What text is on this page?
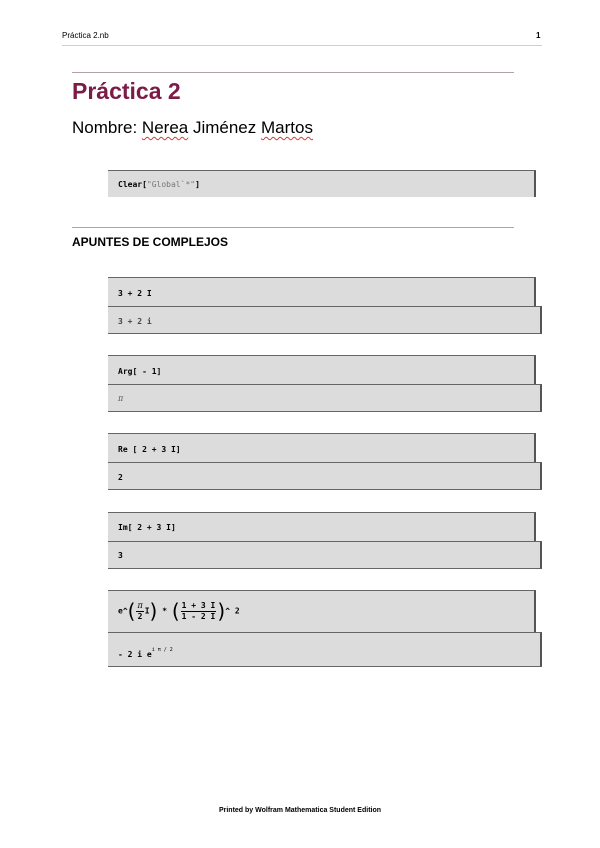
Práctica 2.nb	1
Práctica 2
Nombre: Nerea Jiménez Martos
Clear["Global`*"]
APUNTES DE COMPLEJOS
3 + 2 I
3 + 2 i
Arg[ - 1]
π
Re [ 2 + 3 I]
2
Im[ 2 + 3 I]
3
e^( $\frac{\pi}{2} I$) * ( $\frac{1 + 3 I}{1 - 2 I}$ )^ 2
- 2 i $e^{i \pi / 2}$
Printed by Wolfram Mathematica Student Edition
